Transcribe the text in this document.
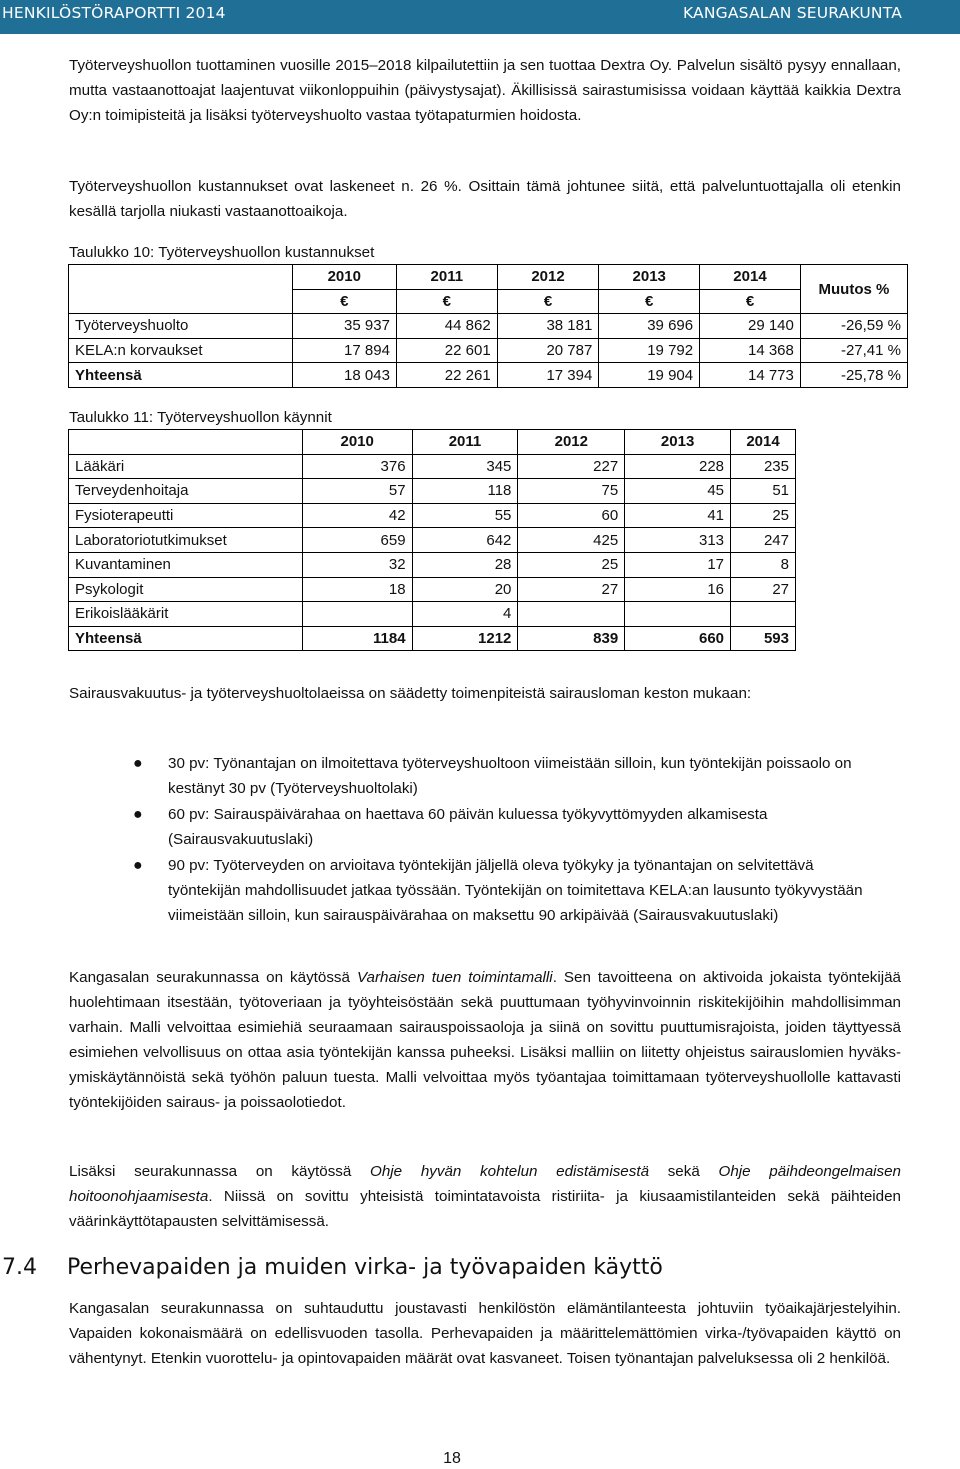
HENKILÖSTÖRAPORTTI 2014	KANGASALAN SEURAKUNTA

Työterveyshuollon tuottaminen vuosille 2015–2018 kilpailutettiin ja sen tuottaa Dextra Oy. Palvelun sisältö pysyy ennallaan, mutta vastaanottoajat laajentuvat viikonloppuihin (päivystysajat). Äkillisissä sairastumisissa voidaan käyttää kaikkia Dextra Oy:n toimipisteitä ja lisäksi työterveyshuolto vastaa työtapaturmien hoidosta.

Työterveyshuollon kustannukset ovat laskeneet n. 26 %. Osittain tämä johtunee siitä, että palveluntuottajalla oli etenkin kesällä tarjolla niukasti vastaanottoaikoja.

Taulukko 10: Työterveyshuollon kustannukset
	2010	2011	2012	2013	2014	Muutos %
	€	€	€	€	€	
Työterveyshuolto	35 937	44 862	38 181	39 696	29 140	-26,59 %
KELA:n korvaukset	17 894	22 601	20 787	19 792	14 368	-27,41 %
Yhteensä	18 043	22 261	17 394	19 904	14 773	-25,78 %
Taulukko 11: Työterveyshuollon käynnit
	2010	2011	2012	2013	2014
Lääkäri	376	345	227	228	235
Terveydenhoitaja	57	118	75	45	51
Fysioterapeutti	42	55	60	41	25
Laboratoriotutkimukset	659	642	425	313	247
Kuvantaminen	32	28	25	17	8
Psykologit	18	20	27	16	27
Erikoislääkärit		4			
Yhteensä	1184	1212	839	660	593

Sairausvakuutus- ja työterveyshuoltolaeissa on säädetty toimenpiteistä sairausloman keston mukaan:

● 30 pv: Työnantajan on ilmoitettava työterveyshuoltoon viimeistään silloin, kun työntekijän poissaolo on kestänyt 30 pv (Työterveyshuoltolaki)

● 60 pv: Sairauspäivärahaa on haettava 60 päivän kuluessa työkyvyttömyyden alkamisesta (Sairausvakuutuslaki)

● 90 pv: Työterveyden on arvioitava työntekijän jäljellä oleva työkyky ja työnantajan on selvitettävä työntekijän mahdollisuudet jatkaa työssään. Työntekijän on toimitettava KELA:an lausunto työkyvystään viimeistään silloin, kun sairauspäivärahaa on maksettu 90 arkipäivää (Sairausvakuutuslaki)

Kangasalan seurakunnassa on käytössä Varhaisen tuen toimintamalli. Sen tavoitteena on aktivoida jokaista työntekijää huolehtimaan itsestään, työtoveriaan ja työyhteisöstään sekä puuttumaan työhyvinvoinnin riskitekijöihin mahdollisimman varhain. Malli velvoittaa esimiehiä seuraamaan sairauspoissaoloja ja siinä on sovittu puuttumisrajoista, joiden täyttyessä esimiehen velvollisuus on ottaa asia työntekijän kanssa puheeksi. Lisäksi malliin on liitetty ohjeistus sairauslomien hyväksymiskäytännöistä sekä työhön paluun tuesta. Malli velvoittaa myös työantajaa toimittamaan työterveyshuollolle kattavasti työntekijöiden sairaus- ja poissaolotiedot.

Lisäksi seurakunnassa on käytössä Ohje hyvän kohtelun edistämisestä sekä Ohje päihdeongelmaisen hoitoonohjaamisesta. Niissä on sovittu yhteisistä toimintatavoista ristiriita- ja kiusaamistilanteiden sekä päihteiden väärinkäyttötapausten selvittämisessä.

7.4 Perhevapaiden ja muiden virka- ja työvapaiden käyttö

Kangasalan seurakunnassa on suhtauduttu joustavasti henkilöstön elämäntilanteesta johtuviin työaikajärjestelyihin. Vapaiden kokonaismäärä on edellisvuoden tasolla. Perhevapaiden ja määrittelemättömien virka-/työvapaiden käyttö on vähentynyt. Etenkin vuorottelu- ja opintovapaiden määrät ovat kasvaneet. Toisen työnantajan palveluksessa oli 2 henkilöä.

18
